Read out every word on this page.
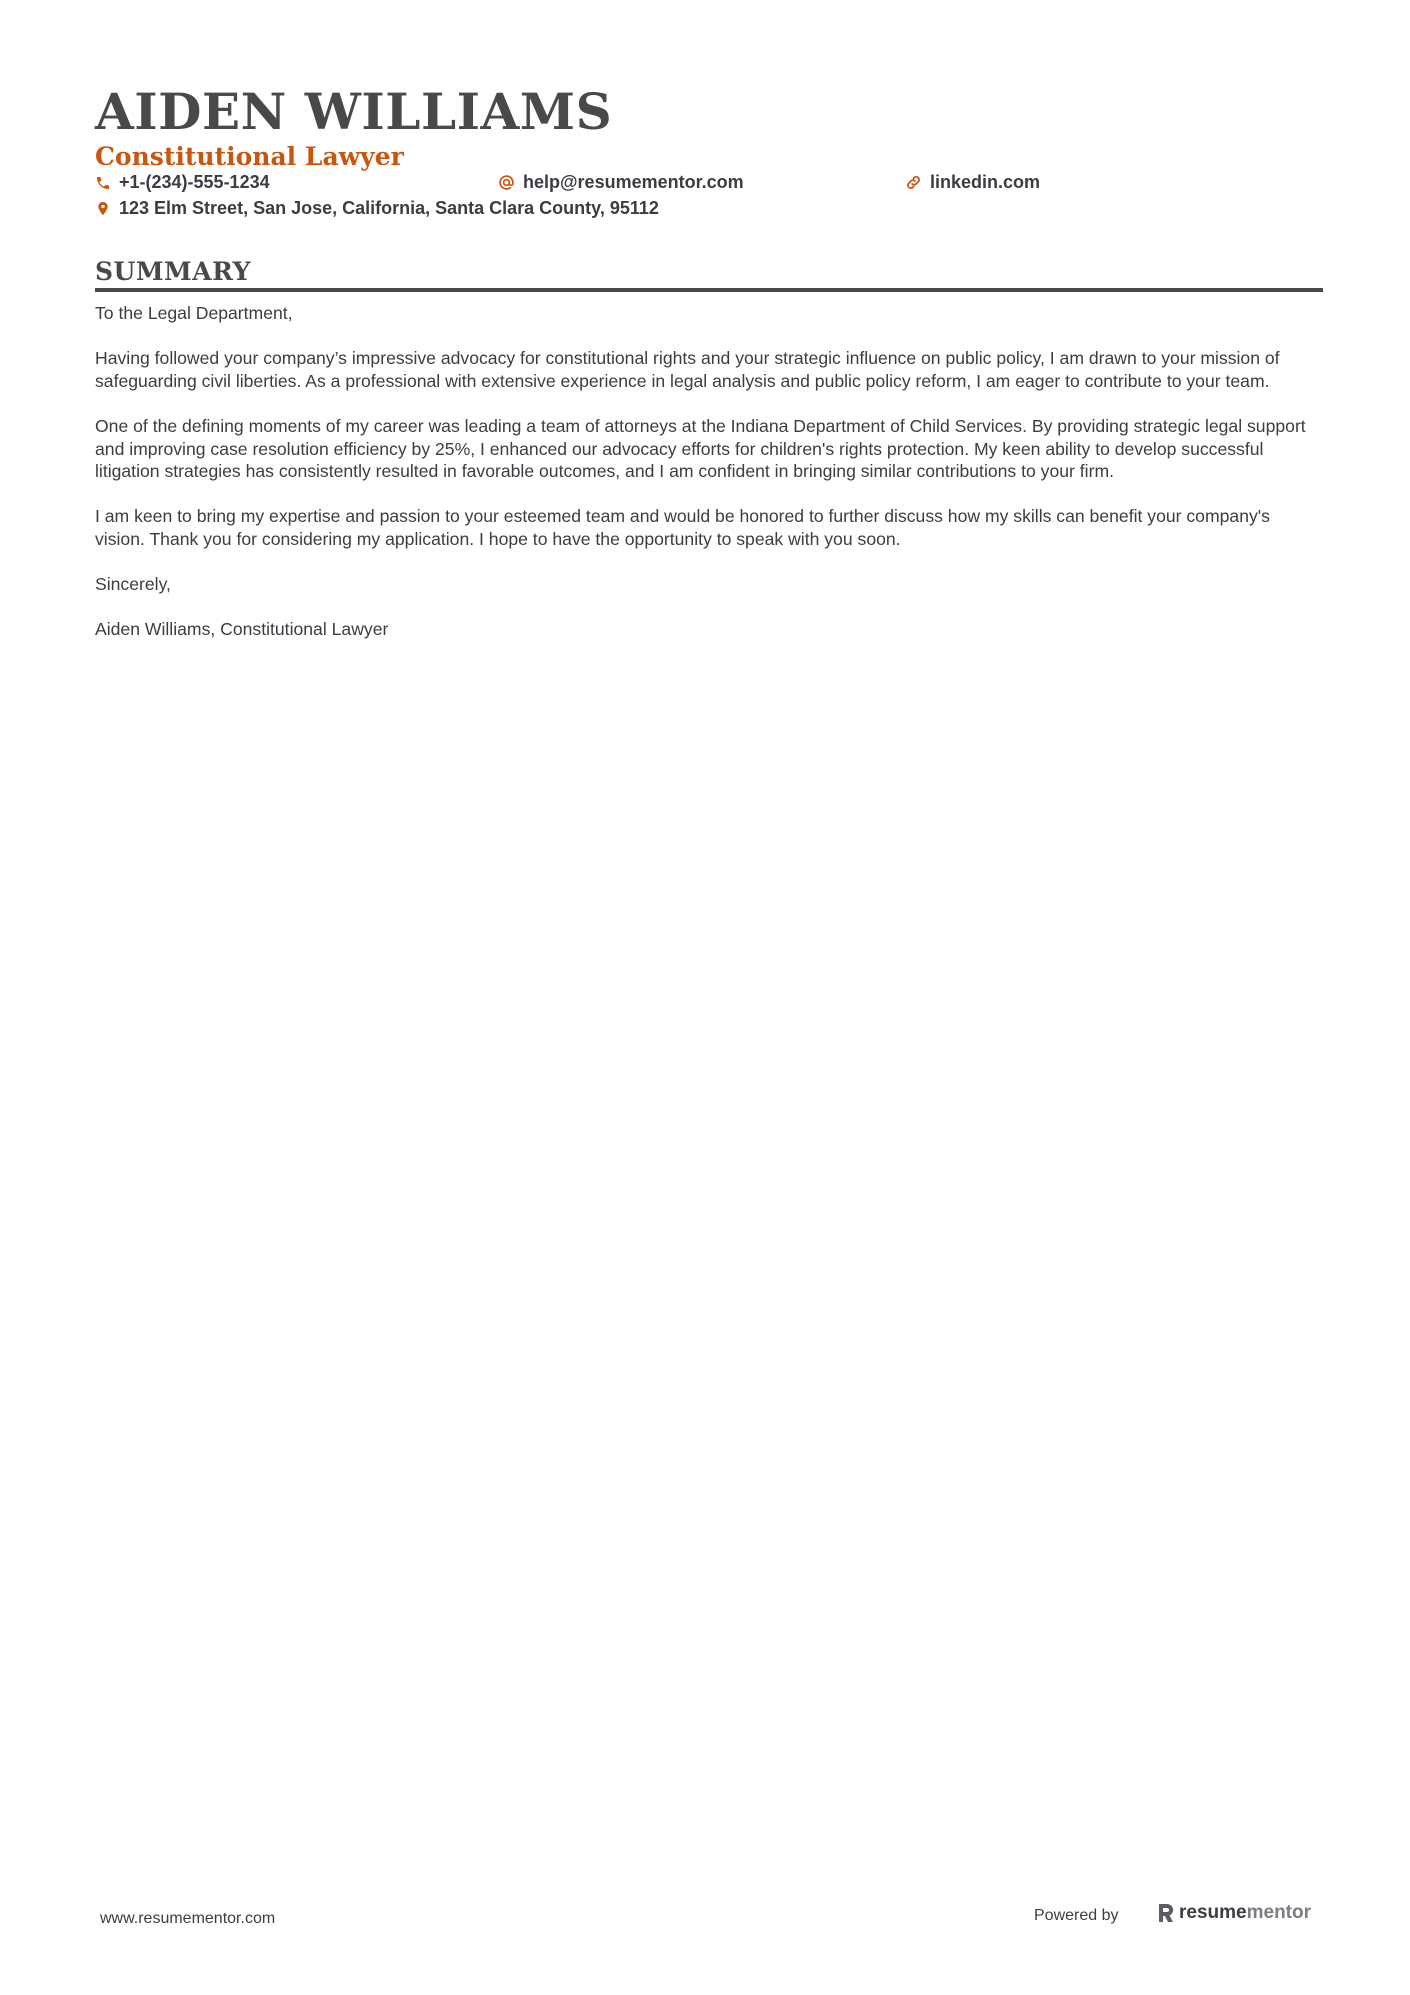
AIDEN WILLIAMS
Constitutional Lawyer
+1-(234)-555-1234	help@resumementor.com	linkedin.com
123 Elm Street, San Jose, California, Santa Clara County, 95112
SUMMARY

To the Legal Department,

Having followed your company’s impressive advocacy for constitutional rights and your strategic influence on public policy, I am drawn to your mission of safeguarding civil liberties. As a professional with extensive experience in legal analysis and public policy reform, I am eager to contribute to your team.

One of the defining moments of my career was leading a team of attorneys at the Indiana Department of Child Services. By providing strategic legal support and improving case resolution efficiency by 25%, I enhanced our advocacy efforts for children's rights protection. My keen ability to develop successful litigation strategies has consistently resulted in favorable outcomes, and I am confident in bringing similar contributions to your firm.

I am keen to bring my expertise and passion to your esteemed team and would be honored to further discuss how my skills can benefit your company's vision. Thank you for considering my application. I hope to have the opportunity to speak with you soon.

Sincerely,

Aiden Williams, Constitutional Lawyer

www.resumementor.com	Powered by	resume mentor
